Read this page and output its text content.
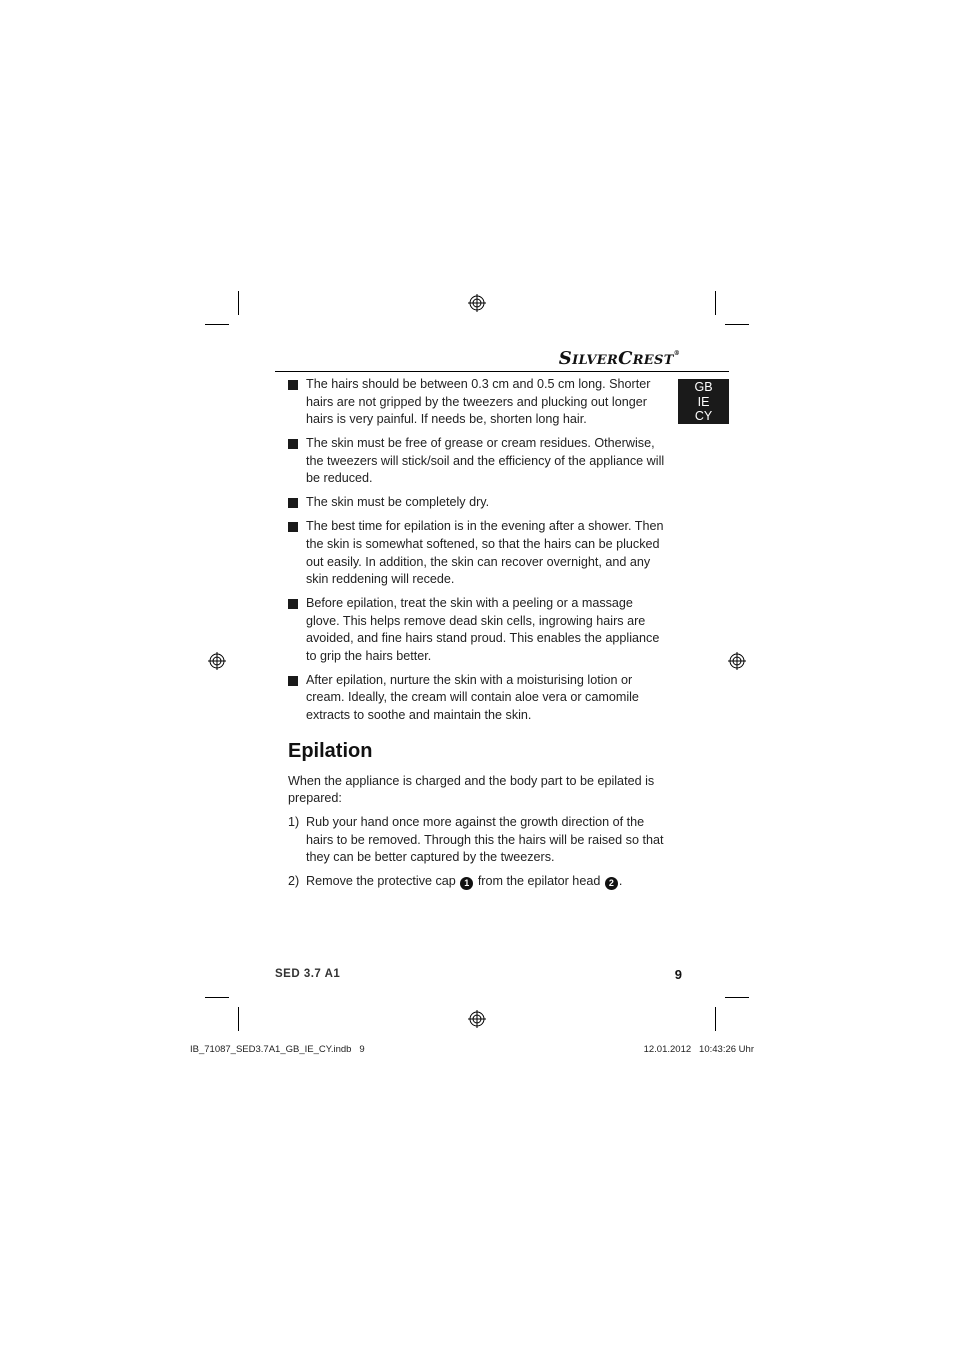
SILVERCREST®
GB
IE
CY
The hairs should be between 0.3 cm and 0.5 cm long. Shorter hairs are not gripped by the tweezers and plucking out longer hairs is very painful. If needs be, shorten long hair.
The skin must be free of grease or cream residues. Otherwise, the tweezers will stick/soil and the efficiency of the appliance will be reduced.
The skin must be completely dry.
The best time for epilation is in the evening after a shower. Then the skin is somewhat softened, so that the hairs can be plucked out easily. In addition, the skin can recover overnight, and any skin reddening will recede.
Before epilation, treat the skin with a peeling or a massage glove. This helps remove dead skin cells, ingrowing hairs are avoided, and fine hairs stand proud. This enables the appliance to grip the hairs better.
After epilation, nurture the skin with a moisturising lotion or cream. Ideally, the cream will contain aloe vera or camomile extracts to soothe and maintain the skin.
Epilation

When the appliance is charged and the body part to be epilated is prepared:

1) Rub your hand once more against the growth direction of the hairs to be removed. Through this the hairs will be raised so that they can be better captured by the tweezers.
2) Remove the protective cap 1 from the epilator head 2 .
SED 3.7 A1	9
IB_71087_SED3.7A1_GB_IE_CY.indb   9	12.01.2012   10:43:26 Uhr
